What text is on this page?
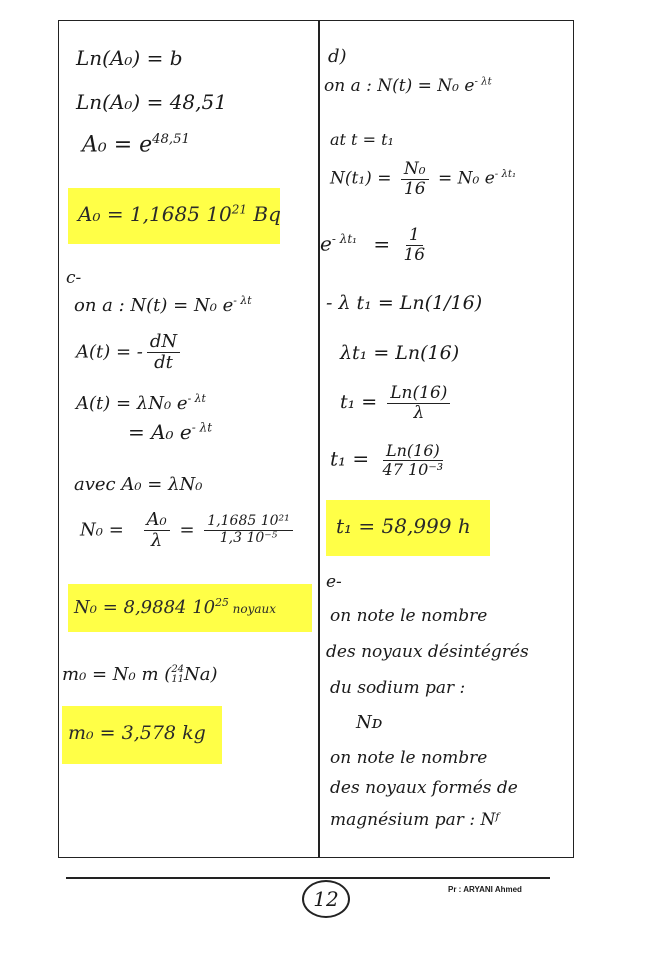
Ln(A₀) = b
Ln(A₀) = 48,51
$A_0 = e^{48,51}$
A₀ = 1,1685 $10^{21}$ Bq
c-
on a : N(t) = N₀ $e^{- \lambda t}$
A(t) = - $\frac{dN}{dt}$
A(t) = λN₀ $e^{- \lambda t}$
= A₀ $e^{- \lambda t}$
avec A₀ = λN₀
$N_0 = \frac{\text{A₀}}{\lambda} = \frac{\text{1,1685 10²¹}}{\text{1,3 10⁻⁵}}$
N₀ = 8,9884 $10^{25}$ noyaux
m₀ = N₀ m ( 24
11 Na)
m₀ = 3,578 kg
d)
on a : N(t) = N₀ $e^{- \lambda t}$
at t = t₁
$N(t_1) = \frac{\text{N₀}}{16} = N_0$ $e^{- \lambda t_1}$
$e^{- \lambda t_1} = \frac{1}{16}$
- λ t₁ = Ln(1/16)
λt₁ = Ln(16)
$t_1 = \frac{Ln(16)}{\lambda}$
$t_1 = \frac{Ln(16)}{\text{47 10⁻³}}$
t₁ = 58,999 h
e-
on note le nombre
des noyaux désintégrés
du sodium par :
Nᴅ
on note le nombre
des noyaux formés de
magnésium par : Nᶠ
12	Pr : ARYANI Ahmed
